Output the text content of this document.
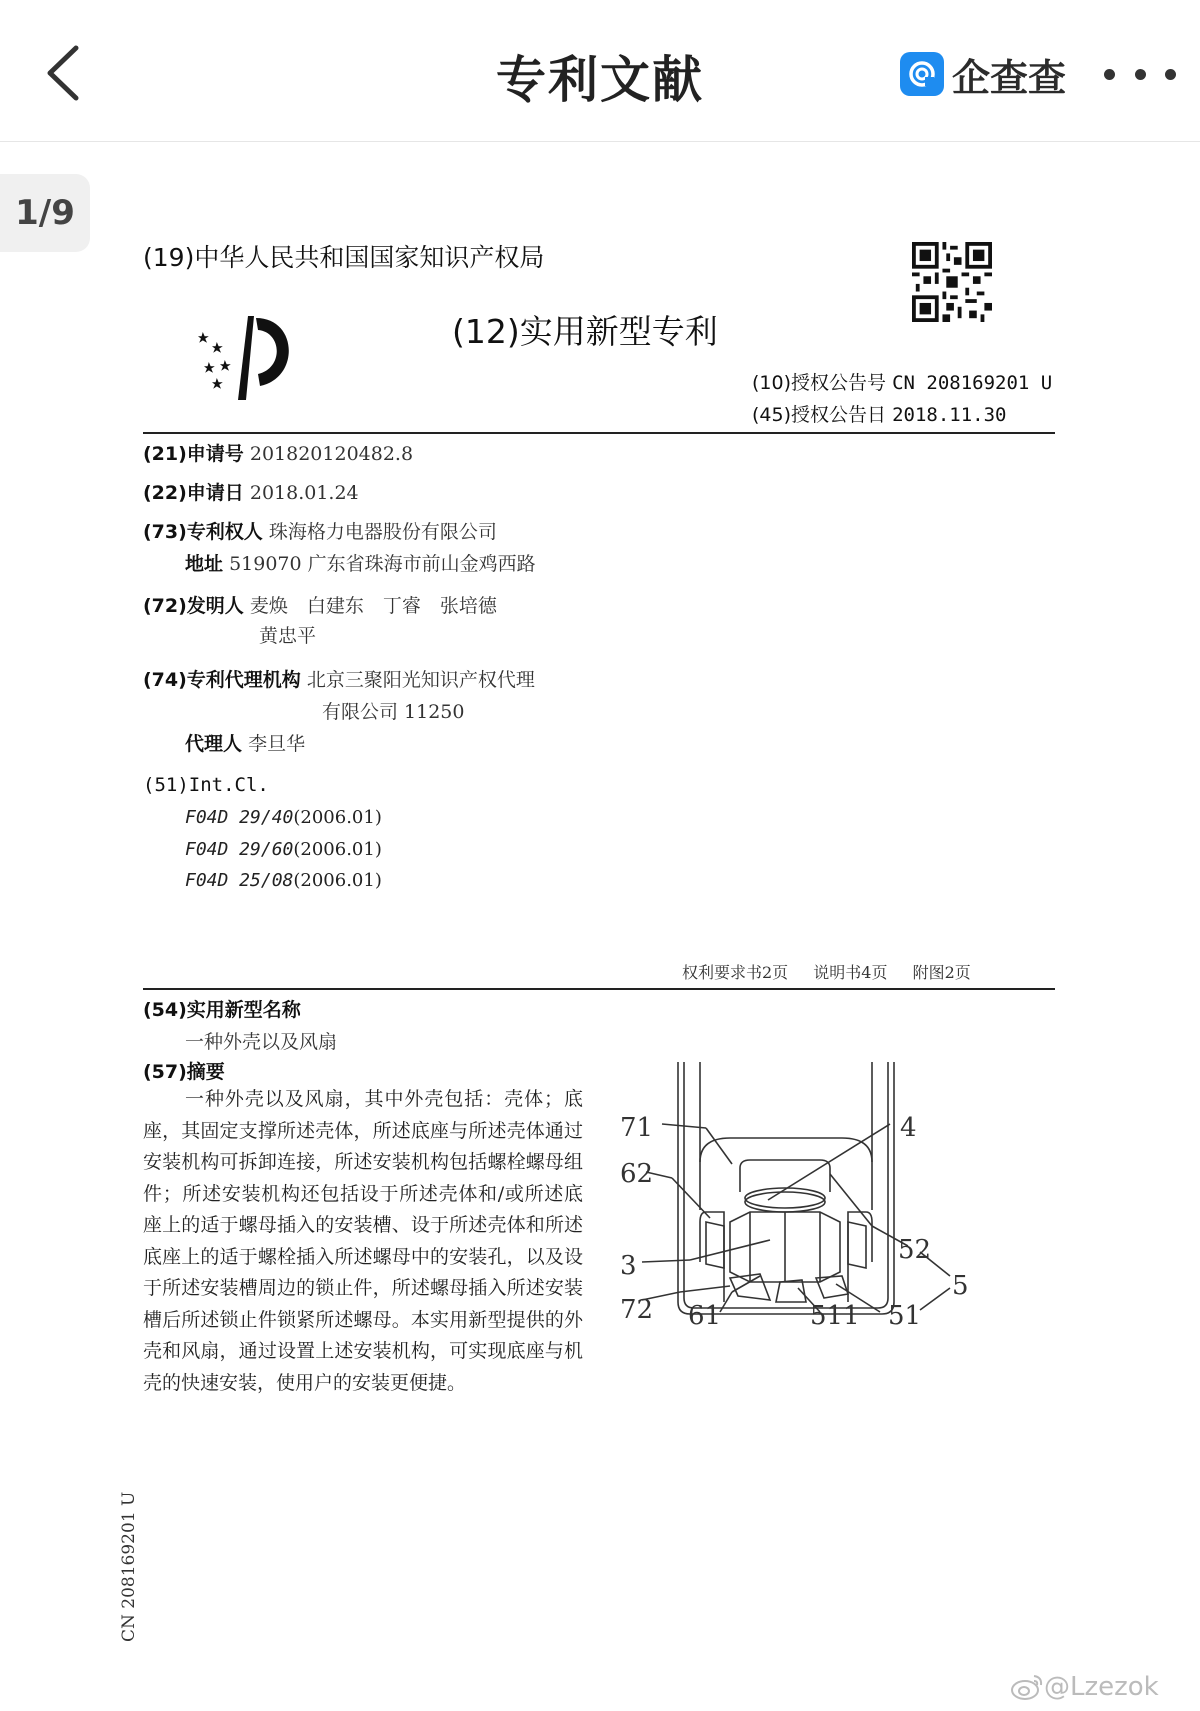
专利文献	企查查
(19)中华人民共和国国家知识产权局
(12)实用新型专利
(10)授权公告号 CN 208169201 U
(45)授权公告日 2018.11.30
(21)申请号 201820120482.8
(22)申请日 2018.01.24
(73)专利权人 珠海格力电器股份有限公司
地址 519070 广东省珠海市前山金鸡西路
(72)发明人 麦焕　白建东　丁睿　张培德
黄忠平
(74)专利代理机构 北京三聚阳光知识产权代理
有限公司 11250
代理人 李旦华
(51)Int.Cl.
F04D 29/40(2006.01)
F04D 29/60(2006.01)
F04D 25/08(2006.01)
权利要求书2页 说明书4页 附图2页
(54)实用新型名称
一种外壳以及风扇
(57)摘要
一种外壳以及风扇，其中外壳包括：壳体；底座，其固定支撑所述壳体，所述底座与所述壳体通过安装机构可拆卸连接，所述安装机构包括螺栓螺母组件；所述安装机构还包括设于所述壳体和/或所述底座上的适于螺母插入的安装槽、设于所述壳体和所述底座上的适于螺栓插入所述螺母中的安装孔，以及设于所述安装槽周边的锁止件，所述螺母插入所述安装槽后所述锁止件锁紧所述螺母。本实用新型提供的外壳和风扇，通过设置上述安装机构，可实现底座与机壳的快速安装，使用户的安装更便捷。
71	4
62
3
52
5
72 61	511 51
CN 208169201 U
@Lzezok
1/9
